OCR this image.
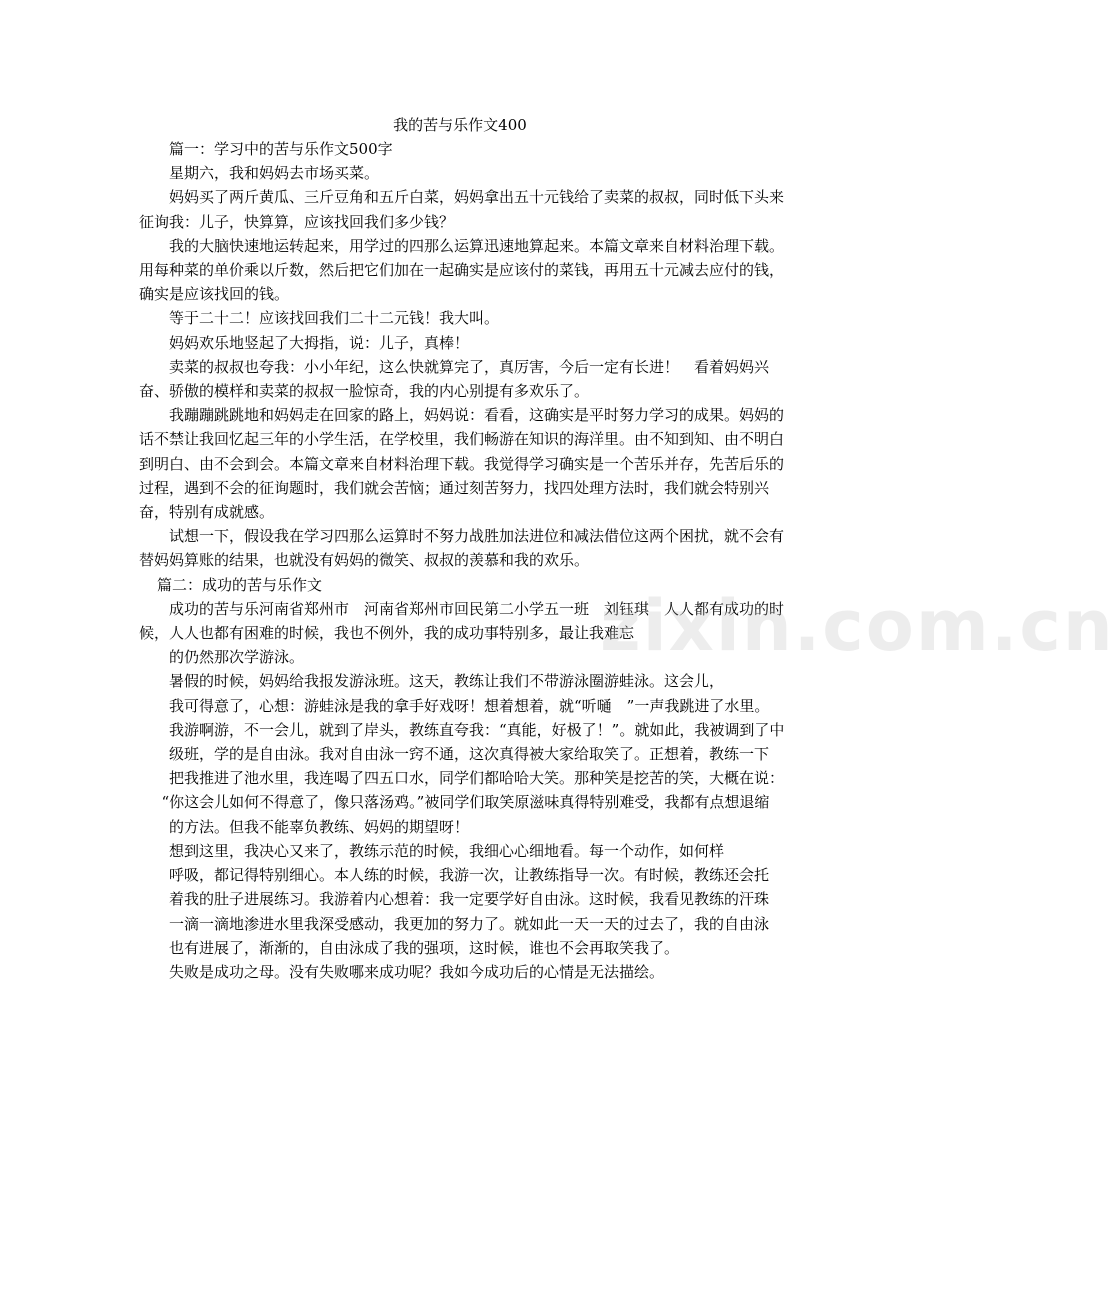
我的苦与乐作文400

篇一：学习中的苦与乐作文500字

星期六，我和妈妈去市场买菜。

妈妈买了两斤黄瓜、三斤豆角和五斤白菜，妈妈拿出五十元钱给了卖菜的叔叔，同时低下头来征询我：儿子，快算算，应该找回我们多少钱？

我的大脑快速地运转起来，用学过的四那么运算迅速地算起来。本篇文章来自材料治理下载。用每种菜的单价乘以斤数，然后把它们加在一起确实是应该付的菜钱，再用五十元减去应付的钱，确实是应该找回的钱。

等于二十二！应该找回我们二十二元钱！我大叫。

妈妈欢乐地竖起了大拇指，说：儿子，真棒！

卖菜的叔叔也夸我：小小年纪，这么快就算完了，真厉害，今后一定有长进！　看着妈妈兴奋、骄傲的模样和卖菜的叔叔一脸惊奇，我的内心别提有多欢乐了。

我蹦蹦跳跳地和妈妈走在回家的路上，妈妈说：看看，这确实是平时努力学习的成果。妈妈的话不禁让我回忆起三年的小学生活，在学校里，我们畅游在知识的海洋里。由不知到知、由不明白到明白、由不会到会。本篇文章来自材料治理下载。我觉得学习确实是一个苦乐并存，先苦后乐的过程，遇到不会的征询题时，我们就会苦恼；通过刻苦努力，找四处理方法时，我们就会特别兴奋，特别有成就感。

试想一下，假设我在学习四那么运算时不努力战胜加法进位和减法借位这两个困扰，就不会有替妈妈算账的结果，也就没有妈妈的微笑、叔叔的羡慕和我的欢乐。

篇二：成功的苦与乐作文

成功的苦与乐河南省郑州市　河南省郑州市回民第二小学五一班　刘钰琪　人人都有成功的时候，人人也都有困难的时候，我也不例外，我的成功事特别多，最让我难忘

的仍然那次学游泳。

暑假的时候，妈妈给我报发游泳班。这天，教练让我们不带游泳圈游蛙泳。这会儿，

我可得意了，心想：游蛙泳是我的拿手好戏呀！想着想着，就“听嗵　”一声我跳进了水里。

我游啊游，不一会儿，就到了岸头，教练直夸我：“真能，好极了！”。就如此，我被调到了中

级班，学的是自由泳。我对自由泳一窍不通，这次真得被大家给取笑了。正想着，教练一下

把我推进了池水里，我连喝了四五口水，同学们都哈哈大笑。那种笑是挖苦的笑，大概在说：

“你这会儿如何不得意了，像只落汤鸡。”被同学们取笑原滋味真得特别难受，我都有点想退缩

的方法。但我不能辜负教练、妈妈的期望呀！

想到这里，我决心又来了，教练示范的时候，我细心心细地看。每一个动作，如何样

呼吸，都记得特别细心。本人练的时候，我游一次，让教练指导一次。有时候，教练还会托

着我的肚子进展练习。我游着内心想着：我一定要学好自由泳。这时候，我看见教练的汗珠

一滴一滴地渗进水里我深受感动，我更加的努力了。就如此一天一天的过去了，我的自由泳

也有进展了，渐渐的，自由泳成了我的强项，这时候，谁也不会再取笑我了。

失败是成功之母。没有失败哪来成功呢？我如今成功后的心情是无法描绘。

zixin.com.cn
